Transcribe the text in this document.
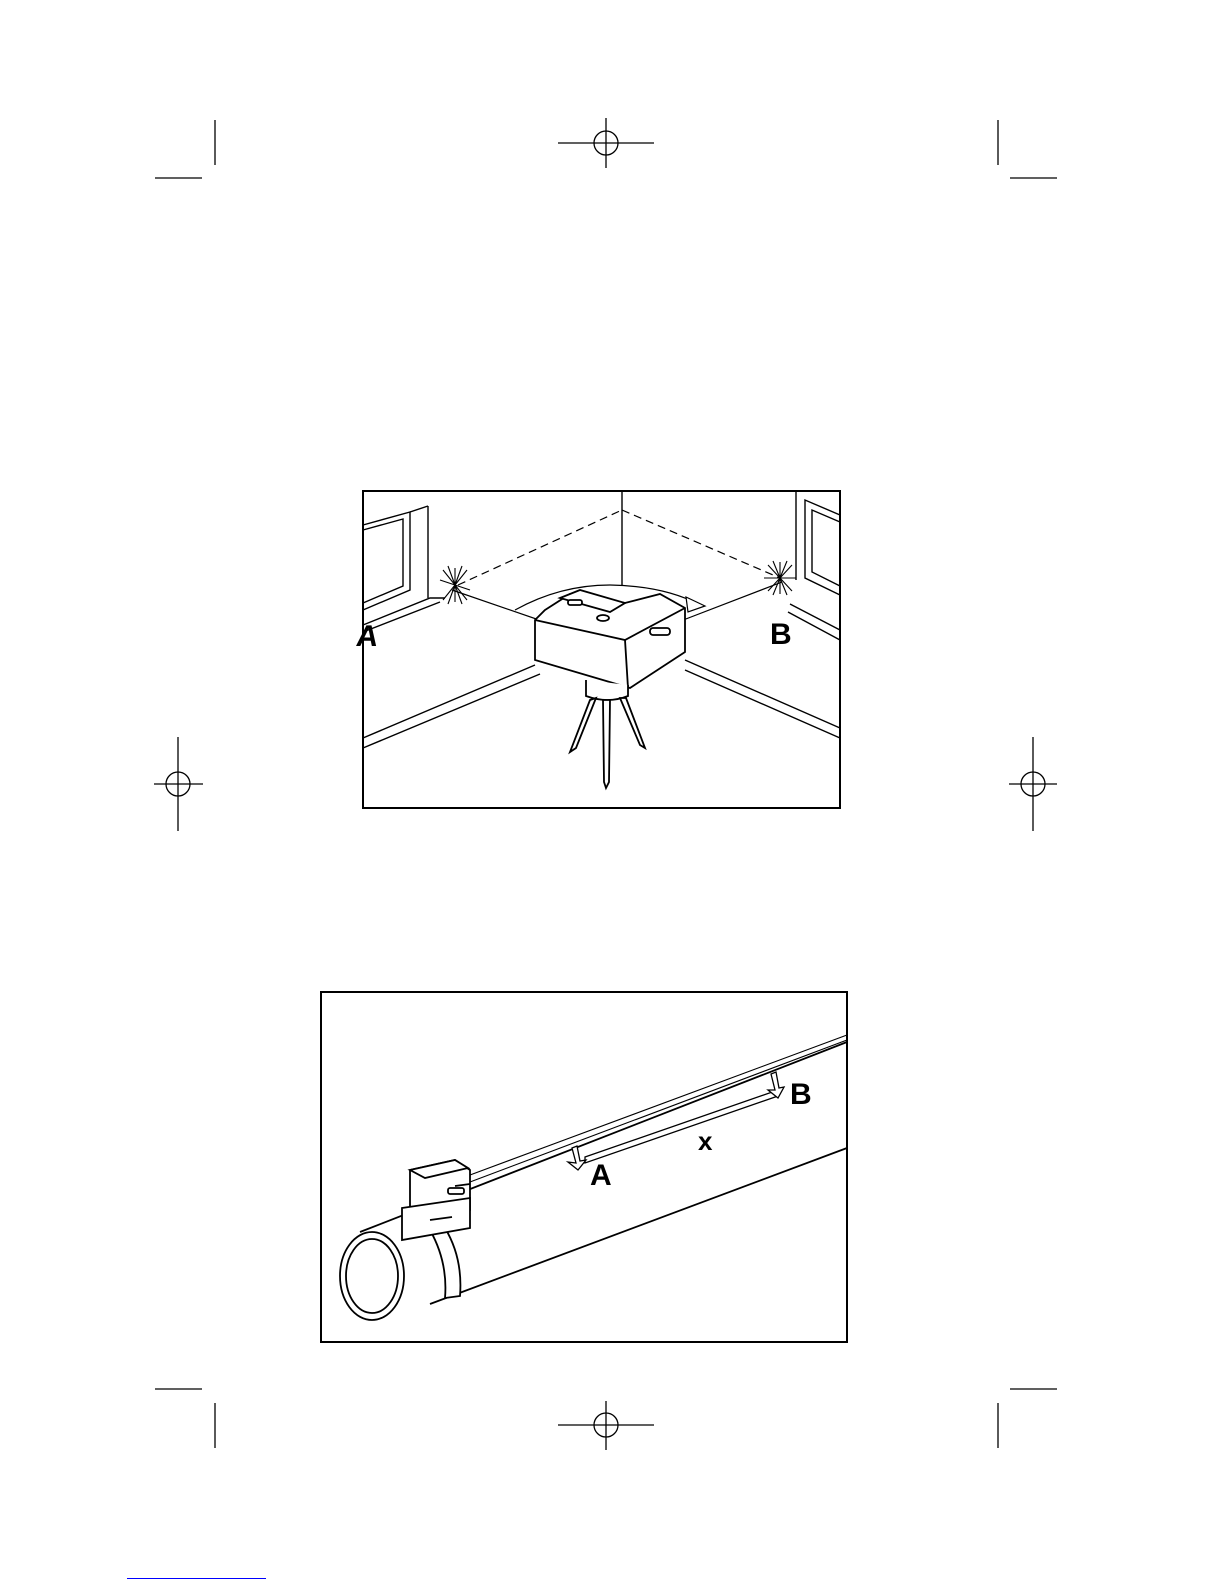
A	B
A
B
x
